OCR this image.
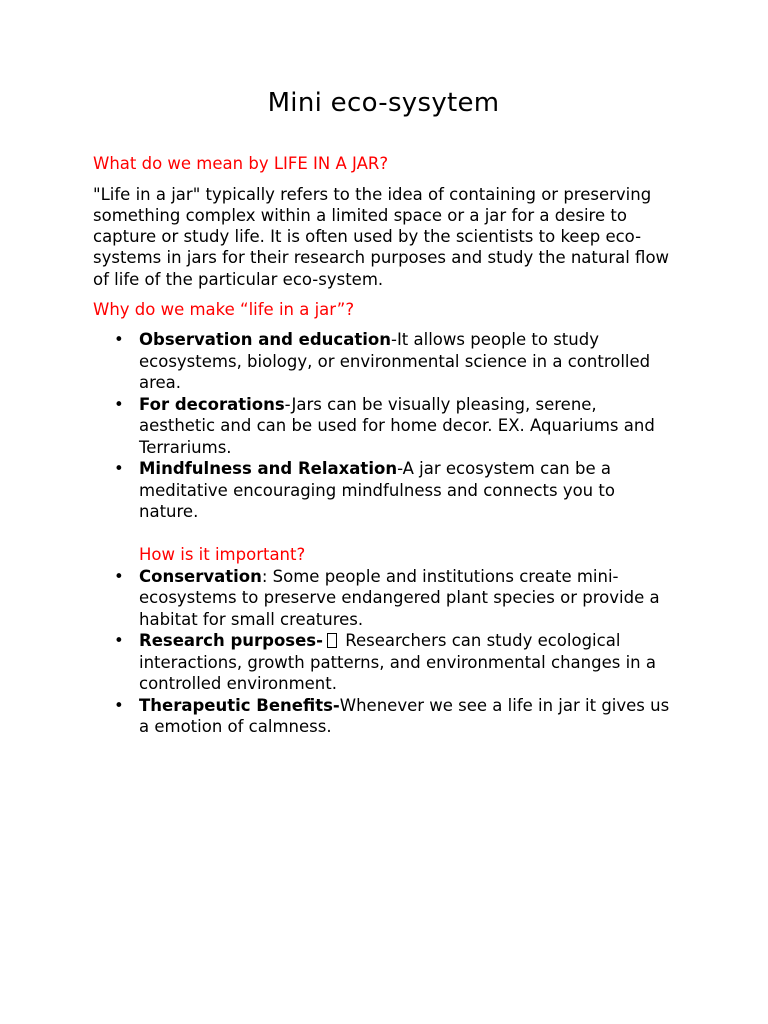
Mini eco-sysytem

What do we mean by LIFE IN A JAR?

"Life in a jar" typically refers to the idea of containing or preserving something complex within a limited space or a jar for a desire to capture or study life. It is often used by the scientists to keep eco-systems in jars for their research purposes and study the natural flow of life of the particular eco-system.

Why do we make “life in a jar”?

• Observation and education-It allows people to study ecosystems, biology, or environmental science in a controlled area.
• For decorations-Jars can be visually pleasing, serene, aesthetic and can be used for home decor. EX. Aquariums and Terrariums.
• Mindfulness and Relaxation-A jar ecosystem can be a meditative encouraging mindfulness and connects you to nature.

How is it important?

• Conservation: Some people and institutions create mini-ecosystems to preserve endangered plant species or provide a habitat for small creatures.
• Research purposes- Researchers can study ecological interactions, growth patterns, and environmental changes in a controlled environment.
• Therapeutic Benefits-Whenever we see a life in jar it gives us a emotion of calmness.
